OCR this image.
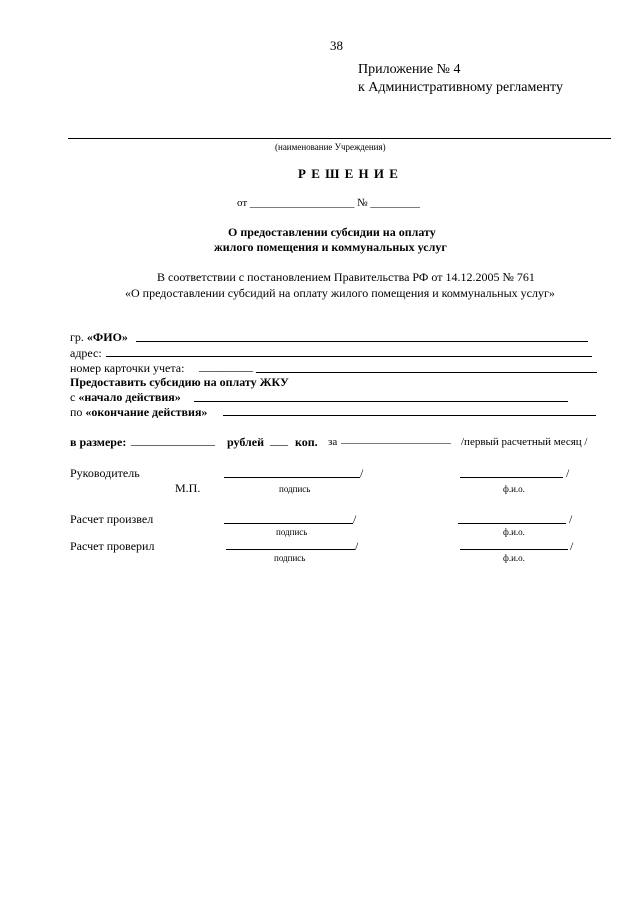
38
Приложение № 4
к Административному регламенту
(наименование Учреждения)
Р Е Ш Е Н И Е
от ___________________ № _________
О предоставлении субсидии на оплату
жилого помещения и коммунальных услуг
В соответствии с постановлением Правительства РФ от 14.12.2005 № 761
«О предоставлении субсидий на оплату жилого помещения и коммунальных услуг»
гр. «ФИО»
адрес:
номер карточки учета: _________
Предоставить субсидию на оплату ЖКУ
с «начало действия»
по «окончание действия»
в размере: ______________ рублей ___ коп. за ____________________ /первый расчетный месяц /
Руководитель	/	/
М.П.	подпись	ф.и.о.
Расчет произвел	/	/
подпись	ф.и.о.
Расчет проверил	/	/
подпись	ф.и.о.
